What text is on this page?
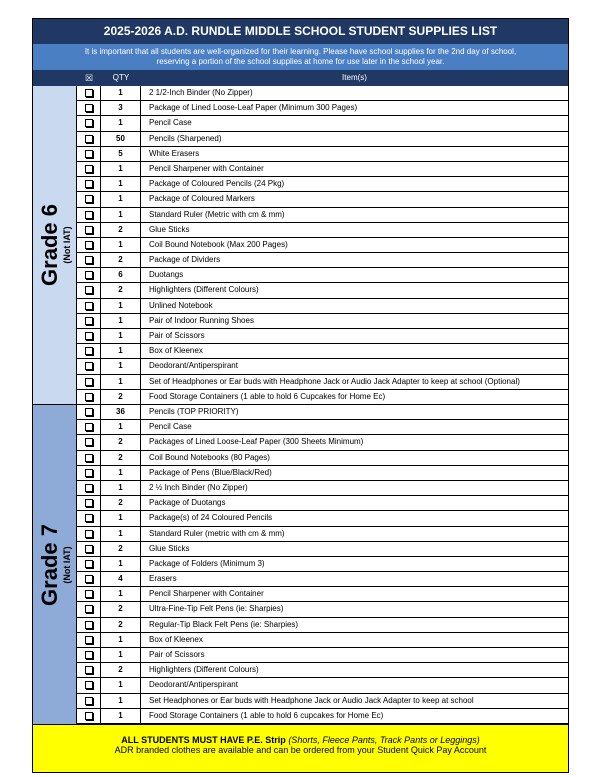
2025-2026 A.D. RUNDLE MIDDLE SCHOOL STUDENT SUPPLIES LIST
It is important that all students are well-organized for their learning. Please have school supplies for the 2nd day of school,
reserving a portion of the school supplies at home for use later in the school year.
☒	QTY	Item(s)
Grade 6 (Not IAT)
1	2 1/2-Inch Binder (No Zipper)
3	Package of Lined Loose-Leaf Paper (Minimum 300 Pages)
1	Pencil Case
50	Pencils (Sharpened)
5	White Erasers
1	Pencil Sharpener with Container
1	Package of Coloured Pencils (24 Pkg)
1	Package of Coloured Markers
1	Standard Ruler (Metric with cm & mm)
2	Glue Sticks
1	Coil Bound Notebook (Max 200 Pages)
2	Package of Dividers
6	Duotangs
2	Highlighters (Different Colours)
1	Unlined Notebook
1	Pair of Indoor Running Shoes
1	Pair of Scissors
1	Box of Kleenex
1	Deodorant/Antiperspirant
1	Set of Headphones or Ear buds with Headphone Jack or Audio Jack Adapter to keep at school (Optional)
2	Food Storage Containers (1 able to hold 6 Cupcakes for Home Ec)
Grade 7 (Not IAT)
36	Pencils (TOP PRIORITY)
1	Pencil Case
2	Packages of Lined Loose-Leaf Paper (300 Sheets Minimum)
2	Coil Bound Notebooks (80 Pages)
1	Package of Pens (Blue/Black/Red)
1	2 ½ Inch Binder (No Zipper)
2	Package of Duotangs
1	Package(s) of 24 Coloured Pencils
1	Standard Ruler (metric with cm & mm)
2	Glue Sticks
1	Package of Folders (Minimum 3)
4	Erasers
1	Pencil Sharpener with Container
2	Ultra-Fine-Tip Felt Pens (ie: Sharpies)
2	Regular-Tip Black Felt Pens (ie: Sharpies)
1	Box of Kleenex
1	Pair of Scissors
2	Highlighters (Different Colours)
1	Deodorant/Antiperspirant
1	Set Headphones or Ear buds with Headphone Jack or Audio Jack Adapter to keep at school
1	Food Storage Containers (1 able to hold 6 cupcakes for Home Ec)
ALL STUDENTS MUST HAVE P.E. Strip (Shorts, Fleece Pants, Track Pants or Leggings)
ADR branded clothes are available and can be ordered from your Student Quick Pay Account
